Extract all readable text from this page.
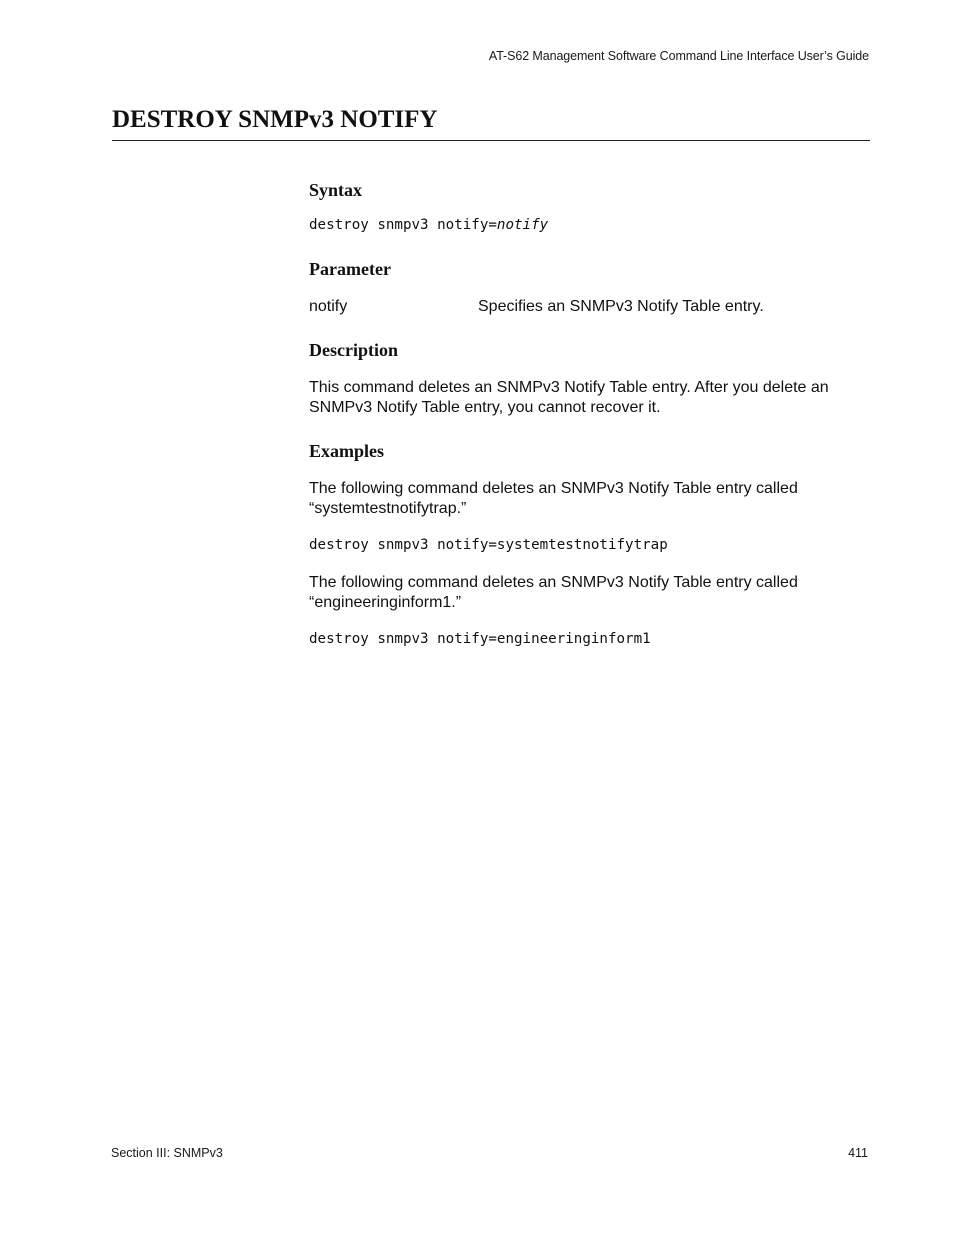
AT-S62 Management Software Command Line Interface User’s Guide
DESTROY SNMPv3 NOTIFY
Syntax

destroy snmpv3 notify=notify

Parameter
notify	Specifies an SNMPv3 Notify Table entry.
Description

This command deletes an SNMPv3 Notify Table entry. After you delete an SNMPv3 Notify Table entry, you cannot recover it.

Examples

The following command deletes an SNMPv3 Notify Table entry called “systemtestnotifytrap.”

destroy snmpv3 notify=systemtestnotifytrap

The following command deletes an SNMPv3 Notify Table entry called “engineeringinform1.”

destroy snmpv3 notify=engineeringinform1

Section III: SNMPv3	411
